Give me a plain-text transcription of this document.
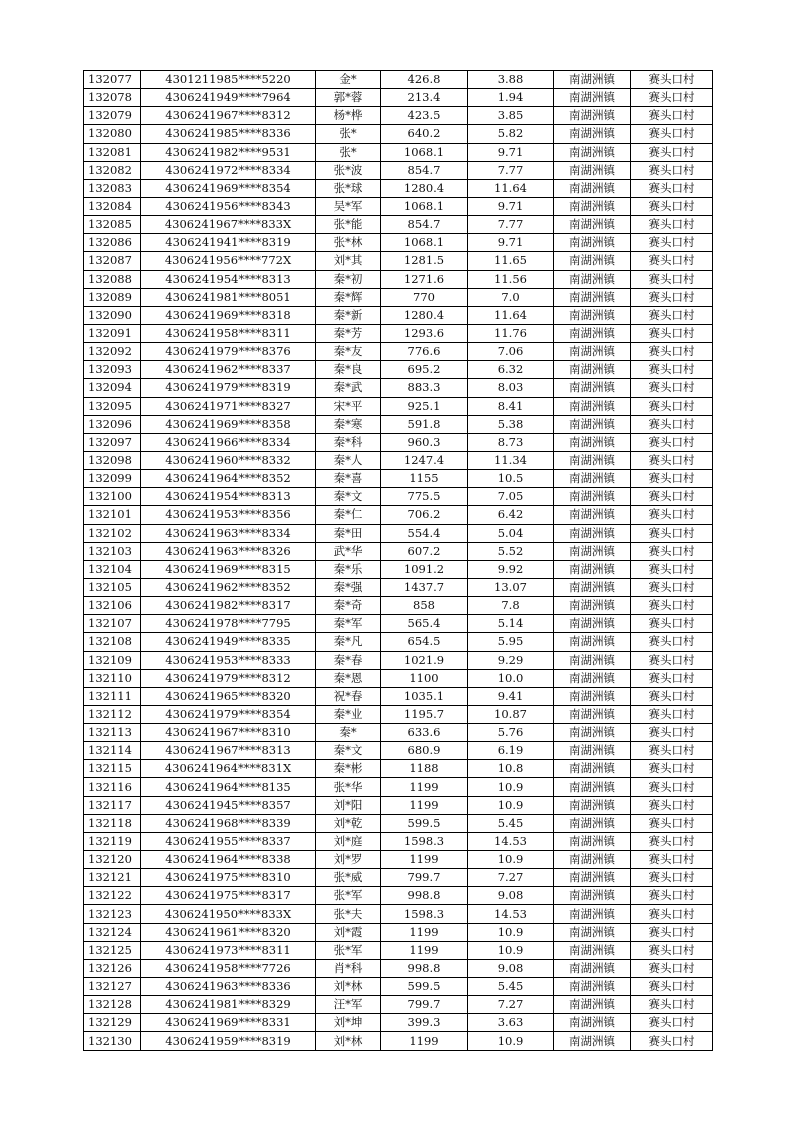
132077	4301211985****5220	金*	426.8	3.88	南湖洲镇	赛头口村
132078	4306241949****7964	郭*蓉	213.4	1.94	南湖洲镇	赛头口村
132079	4306241967****8312	杨*桦	423.5	3.85	南湖洲镇	赛头口村
132080	4306241985****8336	张*	640.2	5.82	南湖洲镇	赛头口村
132081	4306241982****9531	张*	1068.1	9.71	南湖洲镇	赛头口村
132082	4306241972****8334	张*波	854.7	7.77	南湖洲镇	赛头口村
132083	4306241969****8354	张*球	1280.4	11.64	南湖洲镇	赛头口村
132084	4306241956****8343	吴*军	1068.1	9.71	南湖洲镇	赛头口村
132085	4306241967****833X	张*能	854.7	7.77	南湖洲镇	赛头口村
132086	4306241941****8319	张*林	1068.1	9.71	南湖洲镇	赛头口村
132087	4306241956****772X	刘*其	1281.5	11.65	南湖洲镇	赛头口村
132088	4306241954****8313	秦*初	1271.6	11.56	南湖洲镇	赛头口村
132089	4306241981****8051	秦*辉	770	7.0	南湖洲镇	赛头口村
132090	4306241969****8318	秦*新	1280.4	11.64	南湖洲镇	赛头口村
132091	4306241958****8311	秦*芳	1293.6	11.76	南湖洲镇	赛头口村
132092	4306241979****8376	秦*友	776.6	7.06	南湖洲镇	赛头口村
132093	4306241962****8337	秦*良	695.2	6.32	南湖洲镇	赛头口村
132094	4306241979****8319	秦*武	883.3	8.03	南湖洲镇	赛头口村
132095	4306241971****8327	宋*平	925.1	8.41	南湖洲镇	赛头口村
132096	4306241969****8358	秦*寒	591.8	5.38	南湖洲镇	赛头口村
132097	4306241966****8334	秦*科	960.3	8.73	南湖洲镇	赛头口村
132098	4306241960****8332	秦*人	1247.4	11.34	南湖洲镇	赛头口村
132099	4306241964****8352	秦*喜	1155	10.5	南湖洲镇	赛头口村
132100	4306241954****8313	秦*文	775.5	7.05	南湖洲镇	赛头口村
132101	4306241953****8356	秦*仁	706.2	6.42	南湖洲镇	赛头口村
132102	4306241963****8334	秦*田	554.4	5.04	南湖洲镇	赛头口村
132103	4306241963****8326	武*华	607.2	5.52	南湖洲镇	赛头口村
132104	4306241969****8315	秦*乐	1091.2	9.92	南湖洲镇	赛头口村
132105	4306241962****8352	秦*强	1437.7	13.07	南湖洲镇	赛头口村
132106	4306241982****8317	秦*奇	858	7.8	南湖洲镇	赛头口村
132107	4306241978****7795	秦*军	565.4	5.14	南湖洲镇	赛头口村
132108	4306241949****8335	秦*凡	654.5	5.95	南湖洲镇	赛头口村
132109	4306241953****8333	秦*春	1021.9	9.29	南湖洲镇	赛头口村
132110	4306241979****8312	秦*恩	1100	10.0	南湖洲镇	赛头口村
132111	4306241965****8320	祝*春	1035.1	9.41	南湖洲镇	赛头口村
132112	4306241979****8354	秦*业	1195.7	10.87	南湖洲镇	赛头口村
132113	4306241967****8310	秦*	633.6	5.76	南湖洲镇	赛头口村
132114	4306241967****8313	秦*文	680.9	6.19	南湖洲镇	赛头口村
132115	4306241964****831X	秦*彬	1188	10.8	南湖洲镇	赛头口村
132116	4306241964****8135	张*华	1199	10.9	南湖洲镇	赛头口村
132117	4306241945****8357	刘*阳	1199	10.9	南湖洲镇	赛头口村
132118	4306241968****8339	刘*乾	599.5	5.45	南湖洲镇	赛头口村
132119	4306241955****8337	刘*庭	1598.3	14.53	南湖洲镇	赛头口村
132120	4306241964****8338	刘*罗	1199	10.9	南湖洲镇	赛头口村
132121	4306241975****8310	张*威	799.7	7.27	南湖洲镇	赛头口村
132122	4306241975****8317	张*军	998.8	9.08	南湖洲镇	赛头口村
132123	4306241950****833X	张*夫	1598.3	14.53	南湖洲镇	赛头口村
132124	4306241961****8320	刘*霞	1199	10.9	南湖洲镇	赛头口村
132125	4306241973****8311	张*军	1199	10.9	南湖洲镇	赛头口村
132126	4306241958****7726	肖*科	998.8	9.08	南湖洲镇	赛头口村
132127	4306241963****8336	刘*林	599.5	5.45	南湖洲镇	赛头口村
132128	4306241981****8329	汪*军	799.7	7.27	南湖洲镇	赛头口村
132129	4306241969****8331	刘*坤	399.3	3.63	南湖洲镇	赛头口村
132130	4306241959****8319	刘*林	1199	10.9	南湖洲镇	赛头口村
